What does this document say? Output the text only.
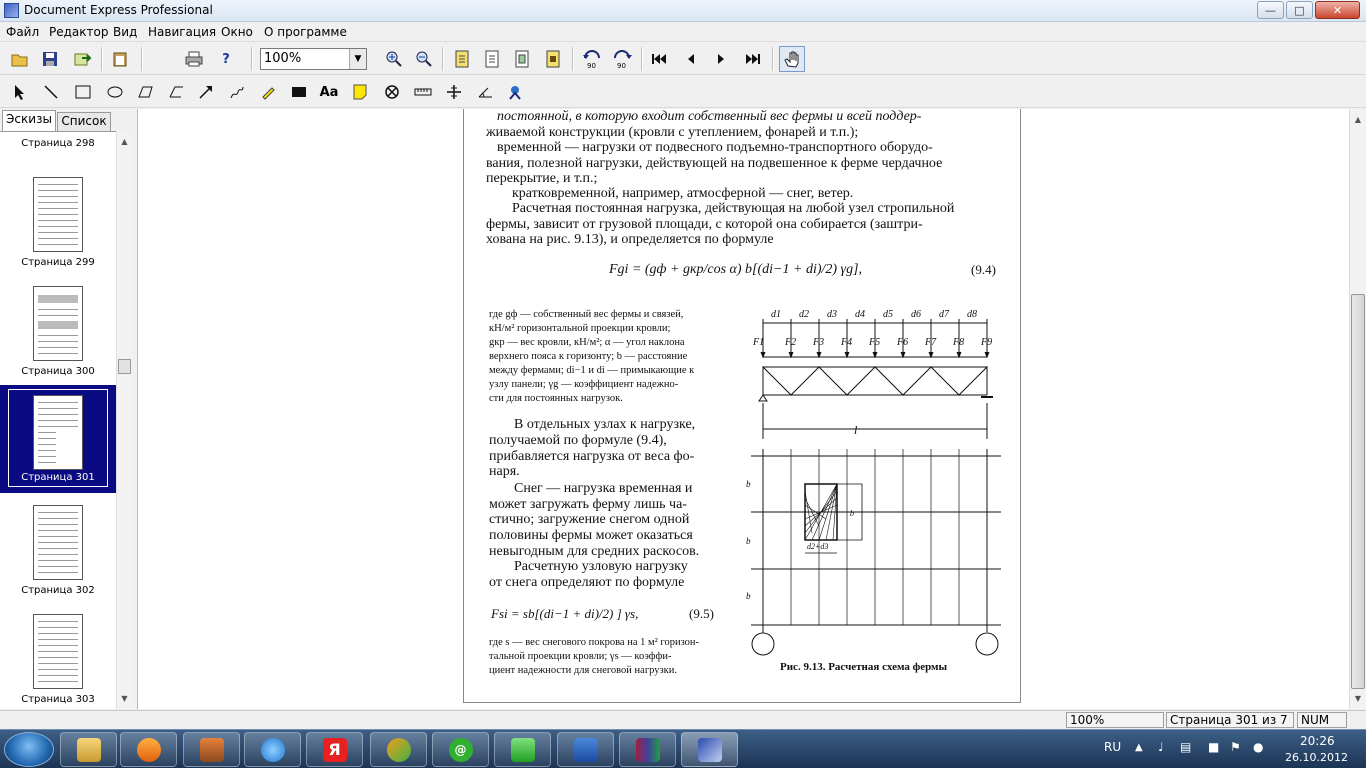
Document Express Professional	—	□	✕
Файл Редактор Вид Навигация Окно О программе
?	100%	▼
90	90
Aa
Эскизы Список
Страница 298
Страница 299
Страница 300
Страница 301
Страница 302
Страница 303
▲
▼
постоянной, в которую входит собственный вес фермы и всей поддер-
живаемой конструкции (кровли с утеплением, фонарей и т.п.);
временной — нагрузки от подвесного подъемно-транспортного оборудо-
вания, полезной нагрузки, действующей на подвешенное к ферме чердачное
перекрытие, и т.п.;
кратковременной, например, атмосферной — снег, ветер.
Расчетная постоянная нагрузка, действующая на любой узел стропильной
фермы, зависит от грузовой площади, с которой она собирается (заштри-
хована на рис. 9.13), и определяется по формуле
Fgi = (gф + gкр/cos α) b[(di−1 + di)/2) γg],	(9.4)
где gф — собственный вес фермы и связей,
кН/м² горизонтальной проекции кровли;
gкр — вес кровли, кН/м²; α — угол наклона
верхнего пояса к горизонту; b — расстояние
между фермами; di−1 и di — примыкающие к
узлу панели; γg — коэффициент надежно-
сти для постоянных нагрузок.
В отдельных узлах к нагрузке,
получаемой по формуле (9.4),
прибавляется нагрузка от веса фо-
наря.
Снег — нагрузка временная и
может загружать ферму лишь ча-
стично; загружение снегом одной
половины фермы может оказаться
невыгодным для средних раскосов.
Расчетную узловую нагрузку
от снега определяют по формуле
Fsi = sb[(di−1 + di)/2) ] γs,	(9.5)
где s — вес снегового покрова на 1 м² горизон-
тальной проекции кровли; γs — коэффи-
циент надежности для снеговой нагрузки.
F1 F2 F3 F4 F5 F6 F7 F8 F9
d1 d2 d3 d4 d5 d6 d7 d8
l
b
b
b
b
d2+d3
Рис. 9.13. Расчетная схема фермы
▲
▼
100%	Страница 301 из 7	NUM
Я	@	RU ▲ ♩ ▤ ■ ⚑ ●	20:26
26.10.2012
